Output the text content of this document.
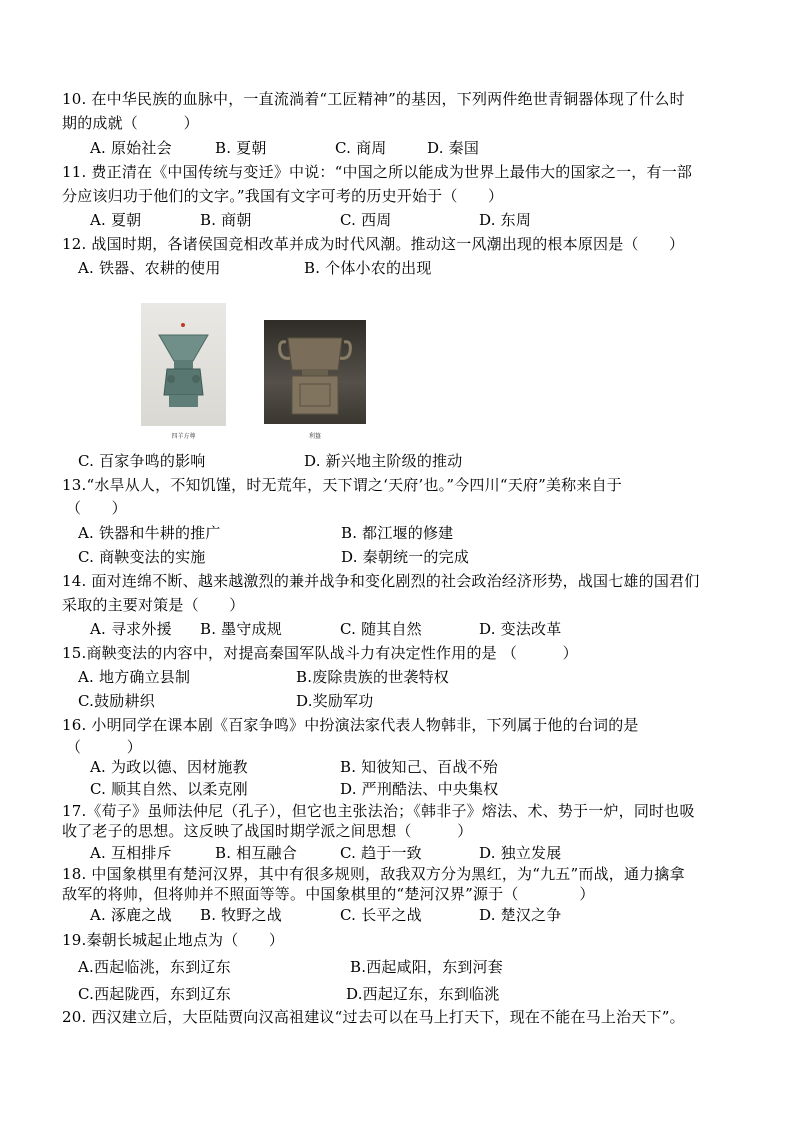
10. 在中华民族的血脉中，一直流淌着“工匠精神”的基因，下列两件绝世青铜器体现了什么时
期的成就（　　　）
A. 原始社会	B. 夏朝	C. 商周	D. 秦国
11. 费正清在《中国传统与变迁》中说：“中国之所以能成为世界上最伟大的国家之一，有一部
分应该归功于他们的文字。”我国有文字可考的历史开始于（　　）
A. 夏朝	B. 商朝	C. 西周	D. 东周
12. 战国时期，各诸侯国竞相改革并成为时代风潮。推动这一风潮出现的根本原因是（　　）
A. 铁器、农耕的使用	B. 个体小农的出现
四羊方尊	利簋
C. 百家争鸣的影响	D. 新兴地主阶级的推动
13.“水旱从人，不知饥馑，时无荒年，天下谓之‘天府’也。”今四川“天府”美称来自于
（　　）
A. 铁器和牛耕的推广	B. 都江堰的修建
C. 商鞅变法的实施	D. 秦朝统一的完成
14. 面对连绵不断、越来越激烈的兼并战争和变化剧烈的社会政治经济形势，战国七雄的国君们
采取的主要对策是（　　）
A. 寻求外援 B. 墨守成规	C. 随其自然	D. 变法改革
15.商鞅变法的内容中，对提高秦国军队战斗力有决定性作用的是 （　　　）
A. 地方确立县制	B.废除贵族的世袭特权
C.鼓励耕织	D.奖励军功
16. 小明同学在课本剧《百家争鸣》中扮演法家代表人物韩非，下列属于他的台词的是
（　　　）
A. 为政以德、因材施教	B. 知彼知己、百战不殆
C. 顺其自然、以柔克刚	D. 严刑酷法、中央集权
17.《荀子》虽师法仲尼（孔子），但它也主张法治；《韩非子》熔法、术、势于一炉，同时也吸
收了老子的思想。这反映了战国时期学派之间思想（　　　）
A. 互相排斥	B. 相互融合	C. 趋于一致	D. 独立发展
18. 中国象棋里有楚河汉界，其中有很多规则，敌我双方分为黑红，为“九五”而战，通力擒拿
敌军的将帅，但将帅并不照面等等。中国象棋里的“楚河汉界”源于（　　　　）
A. 涿鹿之战 B. 牧野之战	C. 长平之战	D. 楚汉之争
19.秦朝长城起止地点为（　　）
A.西起临洮，东到辽东	B.西起咸阳，东到河套
C.西起陇西，东到辽东	D.西起辽东，东到临洮
20. 西汉建立后，大臣陆贾向汉高祖建议“过去可以在马上打天下，现在不能在马上治天下”。
